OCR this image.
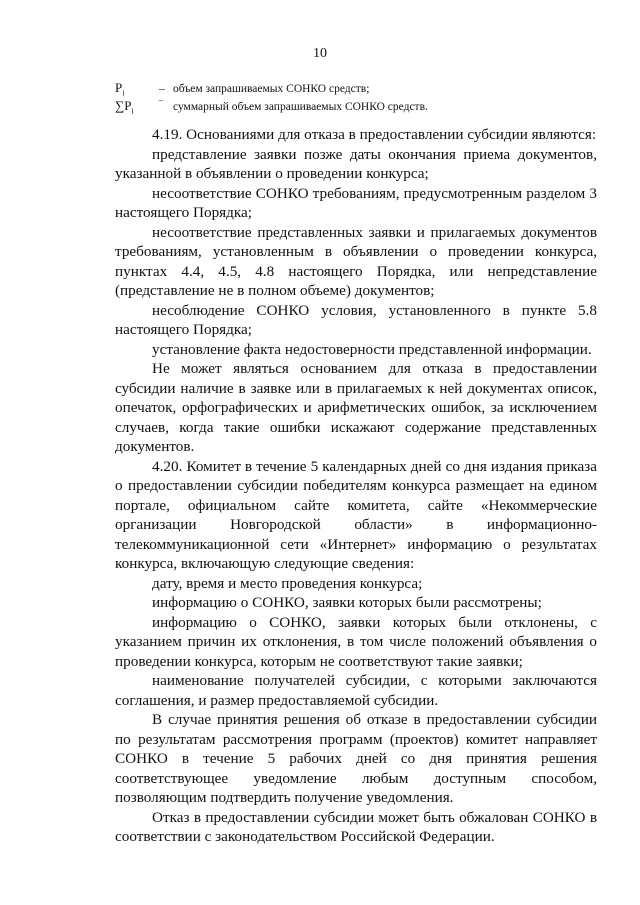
10
$P_i$	– объем запрашиваемых СОНКО средств;
$\sum P_i$	‾ суммарный объем запрашиваемых СОНКО средств.

4.19. Основаниями для отказа в предоставлении субсидии являются:

представление заявки позже даты окончания приема документов, указанной в объявлении о проведении конкурса;

несоответствие СОНКО требованиям, предусмотренным разделом 3 настоящего Порядка;

несоответствие представленных заявки и прилагаемых документов требованиям, установленным в объявлении о проведении конкурса, пунктах 4.4, 4.5, 4.8 настоящего Порядка, или непредставление (представление не в полном объеме) документов;

несоблюдение СОНКО условия, установленного в пункте 5.8 настоящего Порядка;

установление факта недостоверности представленной информации.

Не может являться основанием для отказа в предоставлении субсидии наличие в заявке или в прилагаемых к ней документах описок, опечаток, орфографических и арифметических ошибок, за исключением случаев, когда такие ошибки искажают содержание представленных документов.

4.20. Комитет в течение 5 календарных дней со дня издания приказа о предоставлении субсидии победителям конкурса размещает на едином портале, официальном сайте комитета, сайте «Некоммерческие организации Новгородской области» в информационно-телекоммуникационной сети «Интернет» информацию о результатах конкурса, включающую следующие сведения:

дату, время и место проведения конкурса;

информацию о СОНКО, заявки которых были рассмотрены;

информацию о СОНКО, заявки которых были отклонены, с указанием причин их отклонения, в том числе положений объявления о проведении конкурса, которым не соответствуют такие заявки;

наименование получателей субсидии, с которыми заключаются соглашения, и размер предоставляемой субсидии.

В случае принятия решения об отказе в предоставлении субсидии по результатам рассмотрения программ (проектов) комитет направляет СОНКО в течение 5 рабочих дней со дня принятия решения соответствующее уведомление любым доступным способом, позволяющим подтвердить получение уведомления.

Отказ в предоставлении субсидии может быть обжалован СОНКО в соответствии с законодательством Российской Федерации.
